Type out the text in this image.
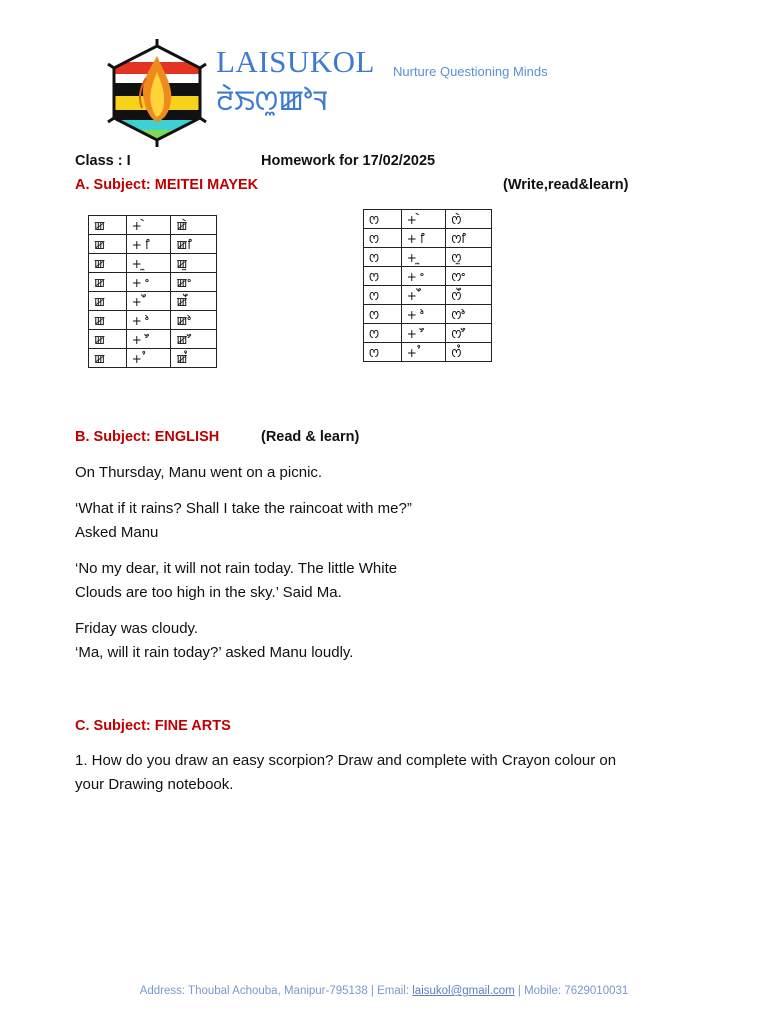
LAISUKOL Nurture Questioning Minds
ꯂꯥꯏꯁꯨꯀꯣꯜ
Class : I	Homework for 17/02/2025
A. Subject: MEITEI MAYEK	(Write,read&learn)
ꯀ	+ ꯥ	ꯀꯥ
ꯀ	+ ꯤ	ꯀꯤ
ꯀ	+ ꯨ	ꯀꯨ
ꯀ	+ ꯦ	ꯀꯦ
ꯀ	+ ꯩ	ꯀꯩ
ꯀ	+ ꯣ	ꯀꯣ
ꯀ	+ ꯧ	ꯀꯧ
ꯀ	+ ꯪ	ꯀꯪ
ꯁ	+ ꯥ	ꯁꯥ
ꯁ	+ ꯤ	ꯁꯤ
ꯁ	+ ꯨ	ꯁꯨ
ꯁ	+ ꯦ	ꯁꯦ
ꯁ	+ ꯩ	ꯁꯩ
ꯁ	+ ꯣ	ꯁꯣ
ꯁ	+ ꯧ	ꯁꯧ
ꯁ	+ ꯪ	ꯁꯪ
B. Subject: ENGLISH	(Read & learn)
On Thursday, Manu went on a picnic.
‘What if it rains? Shall I take the raincoat with me?”
Asked Manu
‘No my dear, it will not rain today. The little White
Clouds are too high in the sky.’ Said Ma.
Friday was cloudy.
‘Ma, will it rain today?’ asked Manu loudly.
C. Subject: FINE ARTS
1. How do you draw an easy scorpion? Draw and complete with Crayon colour on
your Drawing notebook.
Address: Thoubal Achouba, Manipur-795138 | Email: laisukol@gmail.com | Mobile: 7629010031
